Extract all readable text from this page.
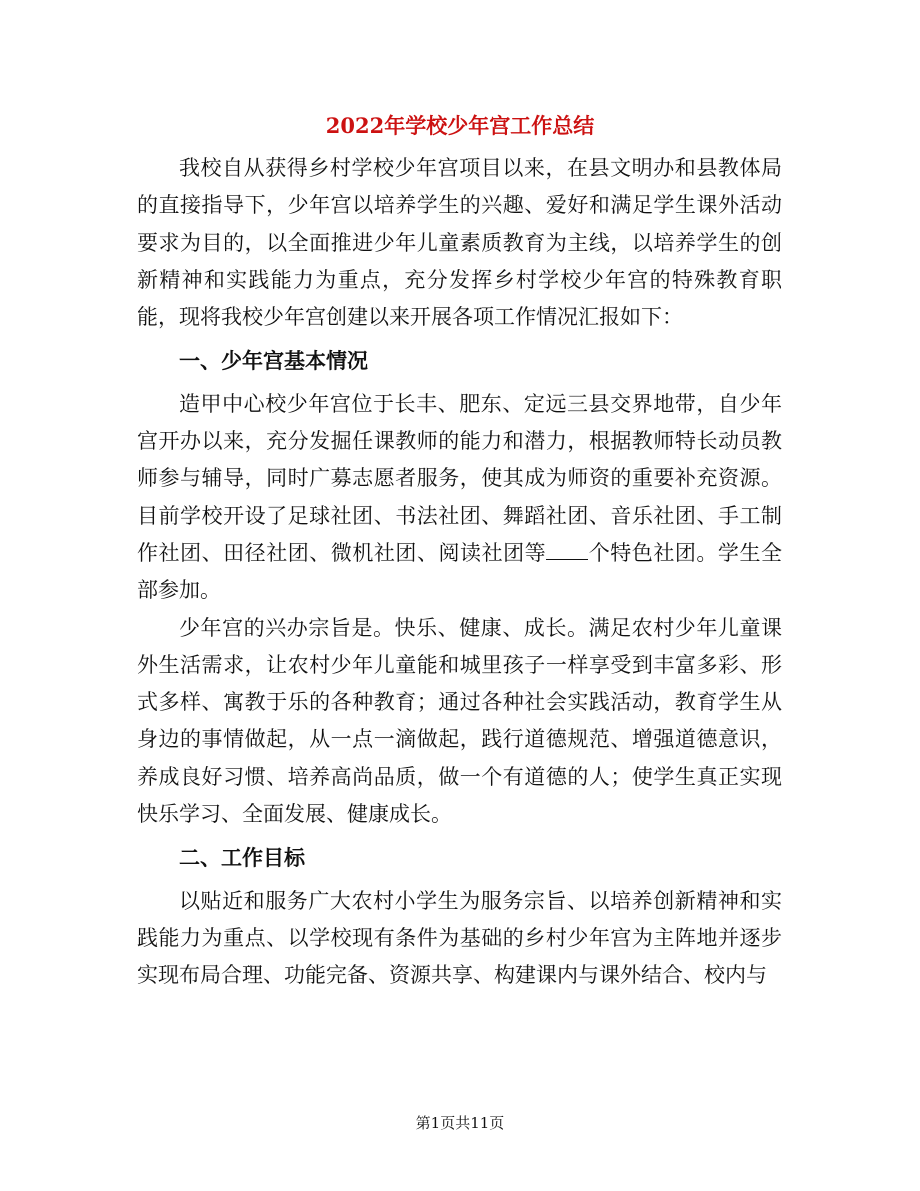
2022年学校少年宫工作总结

我校自从获得乡村学校少年宫项目以来，在县文明办和县教体局的直接指导下，少年宫以培养学生的兴趣、爱好和满足学生课外活动要求为目的，以全面推进少年儿童素质教育为主线，以培养学生的创新精神和实践能力为重点，充分发挥乡村学校少年宫的特殊教育职能，现将我校少年宫创建以来开展各项工作情况汇报如下：

一、少年宫基本情况

造甲中心校少年宫位于长丰、肥东、定远三县交界地带，自少年宫开办以来，充分发掘任课教师的能力和潜力，根据教师特长动员教师参与辅导，同时广募志愿者服务，使其成为师资的重要补充资源。目前学校开设了足球社团、书法社团、舞蹈社团、音乐社团、手工制作社团、田径社团、微机社团、阅读社团等 个特色社团。学生全部参加。

少年宫的兴办宗旨是。快乐、健康、成长。满足农村少年儿童课外生活需求，让农村少年儿童能和城里孩子一样享受到丰富多彩、形式多样、寓教于乐的各种教育；通过各种社会实践活动，教育学生从身边的事情做起，从一点一滴做起，践行道德规范、增强道德意识，养成良好习惯、培养高尚品质，做一个有道德的人；使学生真正实现快乐学习、全面发展、健康成长。

二、工作目标

以贴近和服务广大农村小学生为服务宗旨、以培养创新精神和实践能力为重点、以学校现有条件为基础的乡村少年宫为主阵地并逐步实现布局合理、功能完备、资源共享、构建课内与课外结合、校内与

第1页共11页
